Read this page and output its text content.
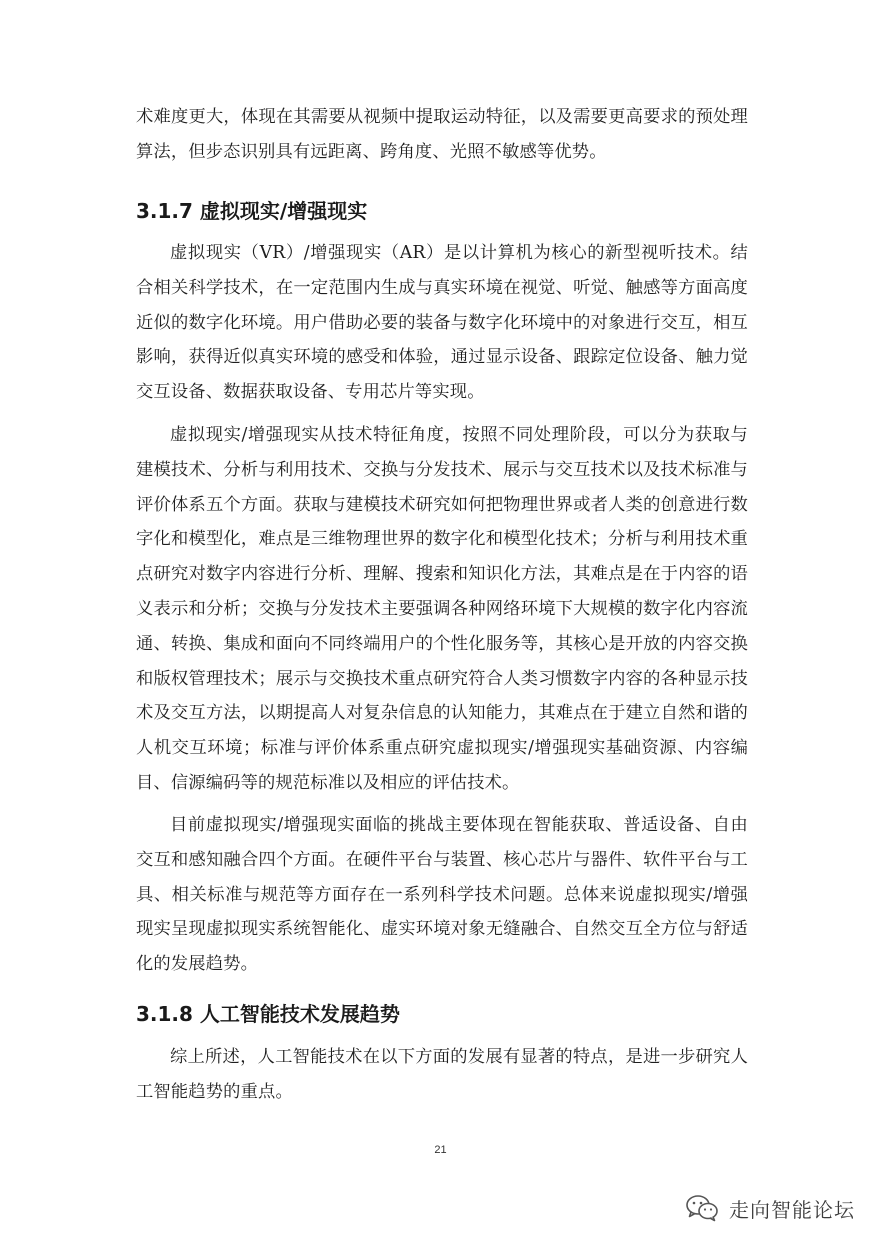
术难度更大，体现在其需要从视频中提取运动特征，以及需要更高要求的预处理算法，但步态识别具有远距离、跨角度、光照不敏感等优势。

3.1.7 虚拟现实/增强现实

虚拟现实（VR）/增强现实（AR）是以计算机为核心的新型视听技术。结合相关科学技术，在一定范围内生成与真实环境在视觉、听觉、触感等方面高度近似的数字化环境。用户借助必要的装备与数字化环境中的对象进行交互，相互影响，获得近似真实环境的感受和体验，通过显示设备、跟踪定位设备、触力觉交互设备、数据获取设备、专用芯片等实现。

虚拟现实/增强现实从技术特征角度，按照不同处理阶段，可以分为获取与建模技术、分析与利用技术、交换与分发技术、展示与交互技术以及技术标准与评价体系五个方面。获取与建模技术研究如何把物理世界或者人类的创意进行数字化和模型化，难点是三维物理世界的数字化和模型化技术；分析与利用技术重点研究对数字内容进行分析、理解、搜索和知识化方法，其难点是在于内容的语义表示和分析；交换与分发技术主要强调各种网络环境下大规模的数字化内容流通、转换、集成和面向不同终端用户的个性化服务等，其核心是开放的内容交换和版权管理技术；展示与交换技术重点研究符合人类习惯数字内容的各种显示技术及交互方法，以期提高人对复杂信息的认知能力，其难点在于建立自然和谐的人机交互环境；标准与评价体系重点研究虚拟现实/增强现实基础资源、内容编目、信源编码等的规范标准以及相应的评估技术。

目前虚拟现实/增强现实面临的挑战主要体现在智能获取、普适设备、自由交互和感知融合四个方面。在硬件平台与装置、核心芯片与器件、软件平台与工具、相关标准与规范等方面存在一系列科学技术问题。总体来说虚拟现实/增强现实呈现虚拟现实系统智能化、虚实环境对象无缝融合、自然交互全方位与舒适化的发展趋势。

3.1.8 人工智能技术发展趋势

综上所述，人工智能技术在以下方面的发展有显著的特点，是进一步研究人工智能趋势的重点。

21
走向智能论坛
